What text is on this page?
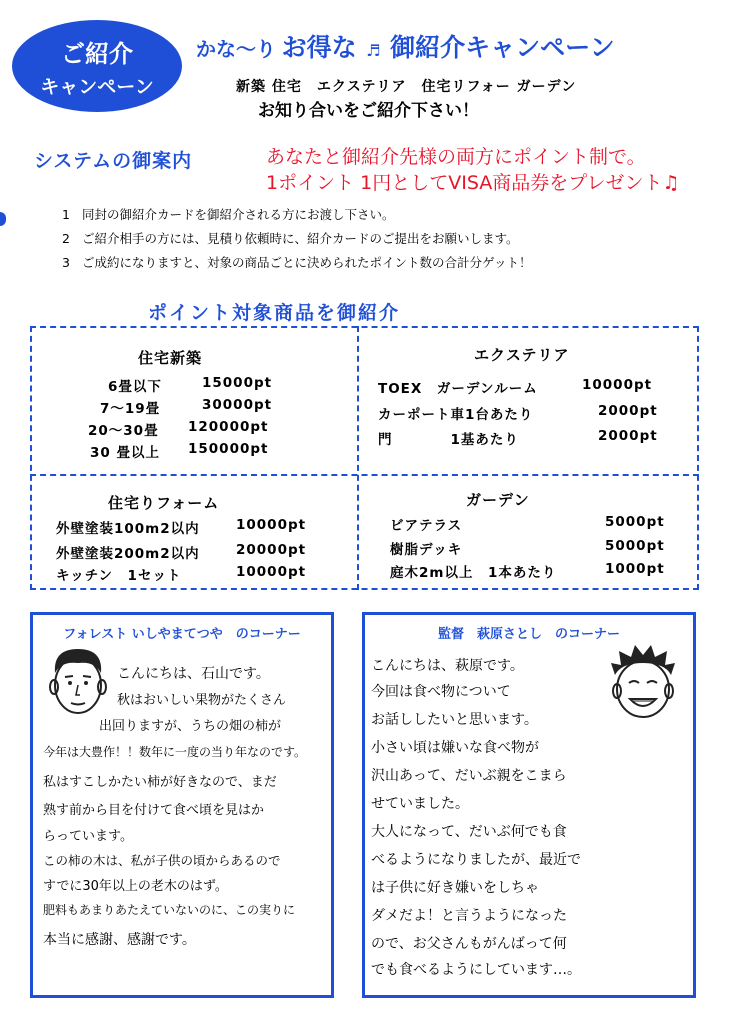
ご紹介
キャンペーン
かな～り お得な ♬ 御紹介キャンペーン
新築 住宅　エクステリア　住宅リフォー ガーデン
お知り合いをご紹介下さい！
システムの御案内	あなたと御紹介先様の両方にポイント制で。
1ポイント 1円としてVISA商品券をプレゼント♫
1 同封の御紹介カードを御紹介される方にお渡し下さい。
2 ご紹介相手の方には、見積り依頼時に、紹介カードのご提出をお願いします。
3 ご成約になりますと、対象の商品ごとに決められたポイント数の合計分ゲット！
ポイント対象商品を御紹介
住宅新築
6畳以下	15000pt
7～19畳	30000pt
20～30畳 120000pt
30 畳以上 150000pt
エクステリア
TOEX　ガーデンルーム	10000pt
カーポート車1台あたり	2000pt
門　　　　1基あたり	2000pt
住宅りフォーム
外壁塗装100m2以内	10000pt
外壁塗装200m2以内	20000pt
キッチン　1セット	10000pt
ガーデン
ビアテラス	5000pt
樹脂デッキ	5000pt
庭木2m以上　1本あたり	1000pt
フォレスト いしやまてつや　のコーナー
こんにちは、石山です。
秋はおいしい果物がたくさん
出回りますが、うちの畑の柿が
今年は大豊作！！数年に一度の当り年なのです。
私はすこしかたい柿が好きなので、まだ
熟す前から目を付けて食べ頃を見はか
らっています。
この柿の木は、私が子供の頃からあるので
すでに30年以上の老木のはず。
肥料もあまりあたえていないのに、この実りに
本当に感謝、感謝です。
監督　萩原さとし　のコーナー
こんにちは、萩原です。
今回は食べ物について
お話ししたいと思います。
小さい頃は嫌いな食べ物が
沢山あって、だいぶ親をこまら
せていました。
大人になって、だいぶ何でも食
べるようになりましたが、最近で
は子供に好き嫌いをしちゃ
ダメだよ！と言うようになった
ので、お父さんもがんばって何
でも食べるようにしています…。
